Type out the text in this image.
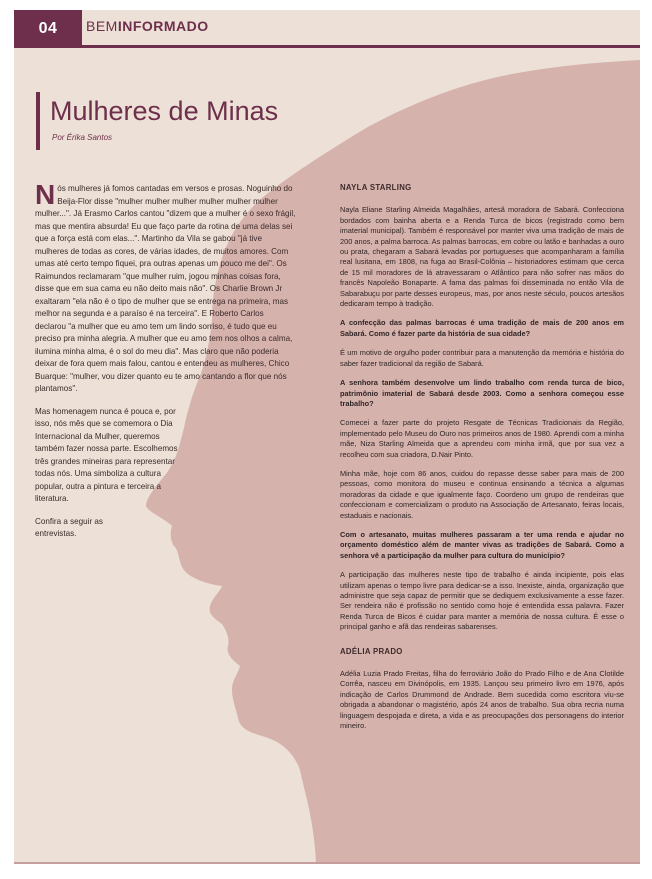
04	BEMINFORMADO
Mulheres de Minas
Por Érika Santos

Nós mulheres já fomos cantadas em versos e prosas. Noguinho do Beija-Flor disse "mulher mulher mulher mulher mulher mulher mulher...". Já Erasmo Carlos cantou "dizem que a mulher é o sexo frágil, mas que mentira absurda! Eu que faço parte da rotina de uma delas sei que a força está com elas...". Martinho da Vila se gabou "já tive mulheres de todas as cores, de várias idades, de muitos amores. Com umas até certo tempo fiquei, pra outras apenas um pouco me dei". Os Raimundos reclamaram "que mulher ruim, jogou minhas coisas fora, disse que em sua cama eu não deito mais não". Os Charlie Brown Jr exaltaram "ela não é o tipo de mulher que se entrega na primeira, mas melhor na segunda e a paraíso é na terceira". E Roberto Carlos declarou "a mulher que eu amo tem um lindo sorriso, é tudo que eu preciso pra minha alegria. A mulher que eu amo tem nos olhos a calma, ilumina minha alma, é o sol do meu dia". Mas claro que não poderia deixar de fora quem mais falou, cantou e entendeu as mulheres, Chico Buarque: "mulher, vou dizer quanto eu te amo cantando a flor que nós plantamos".

Mas homenagem nunca é pouca e, por isso, nós mês que se comemora o Dia Internacional da Mulher, queremos também fazer nossa parte. Escolhemos três grandes mineiras para representar todas nós. Uma simboliza a cultura popular, outra a pintura e terceira a literatura.

Confira a seguir as entrevistas.

NAYLA STARLING

Nayla Eliane Starling Almeida Magalhães, artesã moradora de Sabará. Confecciona bordados com bainha aberta e a Renda Turca de bicos (registrado como bem imaterial municipal). Também é responsável por manter viva uma tradição de mais de 200 anos, a palma barroca. As palmas barrocas, em cobre ou latão e banhadas a ouro ou prata, chegaram a Sabará levadas por portugueses que acompanharam a família real lusitana, em 1808, na fuga ao Brasil-Colônia – historiadores estimam que cerca de 15 mil moradores de lá atravessaram o Atlântico para não sofrer nas mãos do francês Napoleão Bonaparte. A fama das palmas foi disseminada no então Vila de Sabarabuçu por parte desses europeus, mas, por anos neste século, poucos artesãos dedicaram tempo à tradição.

A confecção das palmas barrocas é uma tradição de mais de 200 anos em Sabará. Como é fazer parte da história de sua cidade?

É um motivo de orgulho poder contribuir para a manutenção da memória e história do saber fazer tradicional da região de Sabará.

A senhora também desenvolve um lindo trabalho com renda turca de bico, patrimônio imaterial de Sabará desde 2003. Como a senhora começou esse trabalho?

Comecei a fazer parte do projeto Resgate de Técnicas Tradicionais da Região, implementado pelo Museu do Ouro nos primeiros anos de 1980. Aprendi com a minha mãe, Niza Starling Almeida que a aprendeu com minha irmã, que por sua vez a recolheu com sua criadora, D.Nair Pinto.

Minha mãe, hoje com 86 anos, cuidou do repasse desse saber para mais de 200 pessoas, como monitora do museu e continua ensinando a técnica a algumas moradoras da cidade e que igualmente faço. Coordeno um grupo de rendeiras que confeccionam e comercializam o produto na Associação de Artesanato, feiras locais, estaduais e nacionais.

Com o artesanato, muitas mulheres passaram a ter uma renda e ajudar no orçamento doméstico além de manter vivas as tradições de Sabará. Como a senhora vê a participação da mulher para cultura do município?

A participação das mulheres neste tipo de trabalho é ainda incipiente, pois elas utilizam apenas o tempo livre para dedicar-se a isso. Inexiste, ainda, organização que administre que seja capaz de permitir que se dediquem exclusivamente a esse fazer. Ser rendeira não é profissão no sentido como hoje é entendida essa palavra. Fazer Renda Turca de Bicos é cuidar para manter a memória de nossa cultura. É esse o principal ganho e afã das rendeiras sabarenses.

ADÉLIA PRADO

Adélia Luzia Prado Freitas, filha do ferroviário João do Prado Filho e de Ana Clotilde Corrêa, nasceu em Divinópolis, em 1935. Lançou seu primeiro livro em 1976, após indicação de Carlos Drummond de Andrade. Bem sucedida como escritora viu-se obrigada a abandonar o magistério, após 24 anos de trabalho. Sua obra recria numa linguagem despojada e direta, a vida e as preocupações dos personagens do interior mineiro.
